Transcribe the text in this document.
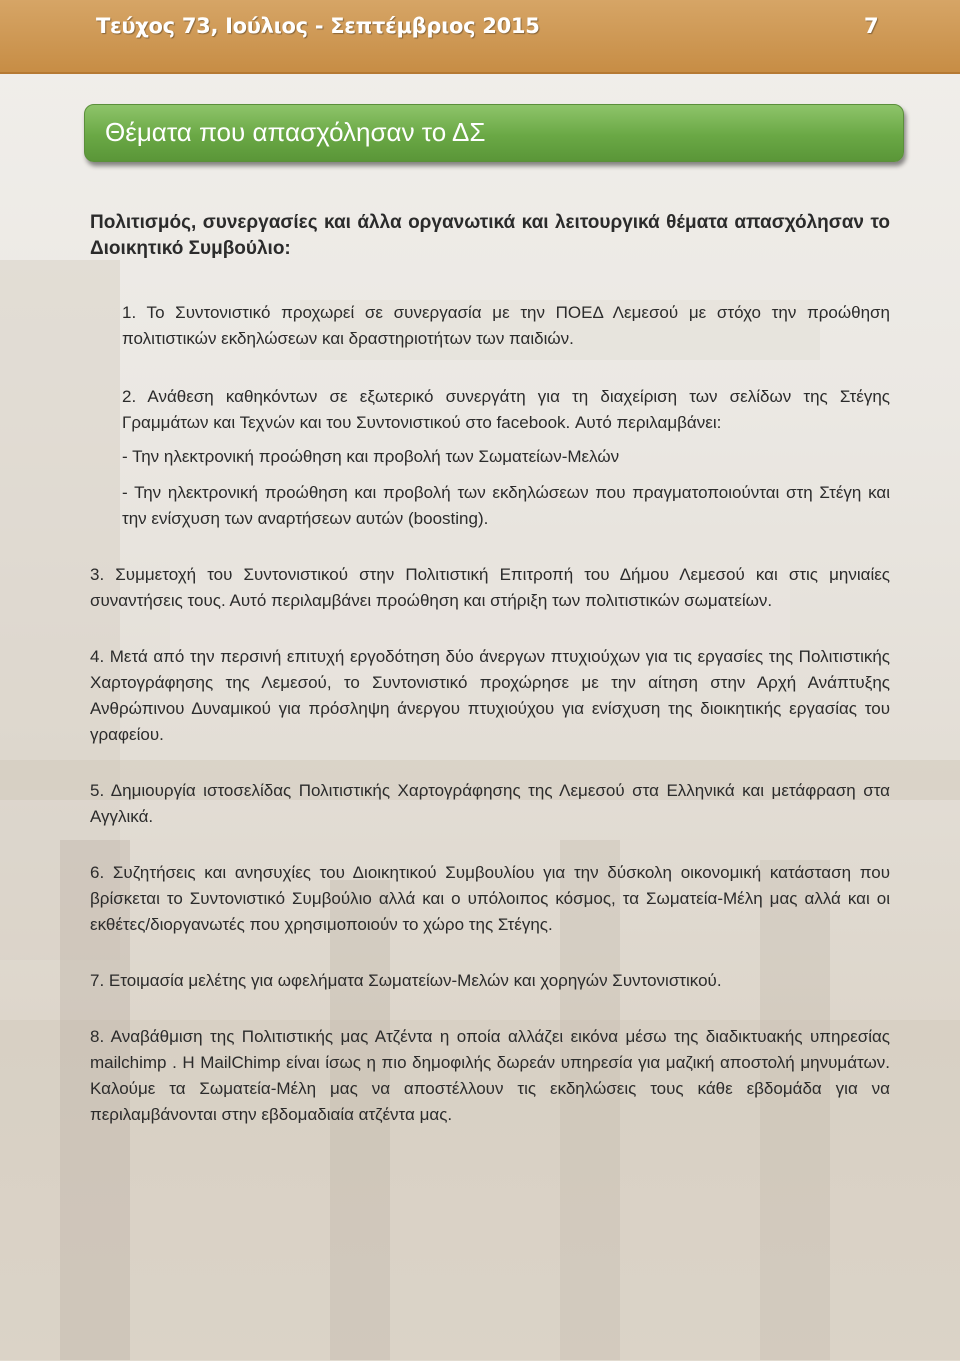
Τεύχος 73, Ιούλιος - Σεπτέμβριος 2015	7
Θέματα που απασχόλησαν το ΔΣ

Πολιτισμός, συνεργασίες και άλλα οργανωτικά και λειτουργικά θέματα απασχόλησαν το Διοικητικό Συμβούλιο:

1. Το Συντονιστικό προχωρεί σε συνεργασία με την ΠΟΕΔ Λεμεσού με στόχο την προώθηση πολιτιστικών εκδηλώσεων και δραστηριοτήτων των παιδιών.

2. Ανάθεση καθηκόντων σε εξωτερικό συνεργάτη για τη διαχείριση των σελίδων της Στέγης Γραμμάτων και Τεχνών και του Συντονιστικού στο facebook. Αυτό περιλαμβάνει:

- Την ηλεκτρονική προώθηση και προβολή των Σωματείων-Μελών

- Την ηλεκτρονική προώθηση και προβολή των εκδηλώσεων που πραγματοποιούνται στη Στέγη και την ενίσχυση των αναρτήσεων αυτών (boosting).

3. Συμμετοχή του Συντονιστικού στην Πολιτιστική Επιτροπή του Δήμου Λεμεσού και στις μηνιαίες συναντήσεις τους. Αυτό περιλαμβάνει προώθηση και στήριξη των πολιτιστικών σωματείων.

4. Μετά από την περσινή επιτυχή εργοδότηση δύο άνεργων πτυχιούχων για τις εργασίες της Πολιτιστικής Χαρτογράφησης της Λεμεσού, το Συντονιστικό προχώρησε με την αίτηση στην Αρχή Ανάπτυξης Ανθρώπινου Δυναμικού για πρόσληψη άνεργου πτυχιούχου για ενίσχυση της διοικητικής εργασίας του γραφείου.

5. Δημιουργία ιστοσελίδας Πολιτιστικής Χαρτογράφησης της Λεμεσού στα Ελληνικά και μετάφραση στα Αγγλικά.

6. Συζητήσεις και ανησυχίες του Διοικητικού Συμβουλίου για την δύσκολη οικονομική κατάσταση που βρίσκεται το Συντονιστικό Συμβούλιο αλλά και ο υπόλοιπος κόσμος, τα Σωματεία-Μέλη μας αλλά και οι εκθέτες/διοργανωτές που χρησιμοποιούν το χώρο της Στέγης.

7. Ετοιμασία μελέτης για ωφελήματα Σωματείων-Μελών και χορηγών Συντονιστικού.

8. Αναβάθμιση της Πολιτιστικής μας Ατζέντα η οποία αλλάζει εικόνα μέσω της διαδικτυακής υπηρεσίας mailchimp . Η MailChimp είναι ίσως η πιο δημοφιλής δωρεάν υπηρεσία για μαζική αποστολή μηνυμάτων. Καλούμε τα Σωματεία-Μέλη μας να αποστέλλουν τις εκδηλώσεις τους κάθε εβδομάδα για να περιλαμβάνονται στην εβδομαδιαία ατζέντα μας.
